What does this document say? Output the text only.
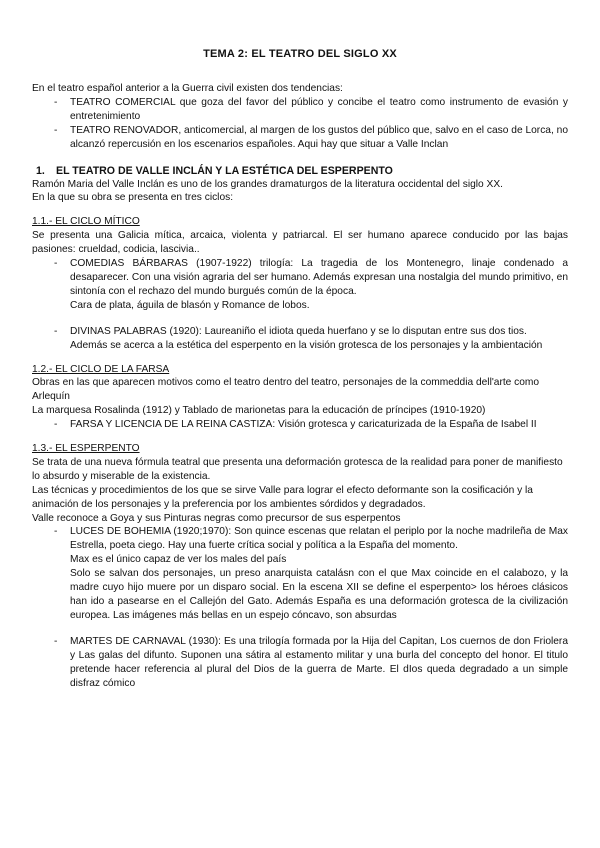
TEMA 2: EL TEATRO DEL SIGLO XX

En el teatro español anterior a la Guerra civil existen dos tendencias:

- TEATRO COMERCIAL que goza del favor del público y concibe el teatro como instrumento de evasión y entretenimiento
- TEATRO RENOVADOR, anticomercial, al margen de los gustos del público que, salvo en el caso de Lorca, no alcanzó repercusión en los escenarios españoles. Aqui hay que situar a Valle Inclan
1. EL TEATRO DE VALLE INCLÁN Y LA ESTÉTICA DEL ESPERPENTO

Ramón Maria del Valle Inclán es uno de los grandes dramaturgos de la literatura occidental del siglo XX.

En la que su obra se presenta en tres ciclos:

1.1.- EL CICLO MÍTICO

Se presenta una Galicia mítica, arcaica, violenta y patriarcal. El ser humano aparece conducido por las bajas pasiones: crueldad, codicia, lascivia..

- COMEDIAS BÁRBARAS (1907-1922) trilogía: La tragedia de los Montenegro, linaje condenado a desaparecer. Con una visión agraria del ser humano. Además expresan una nostalgia del mundo primitivo, en sintonía con el rechazo del mundo burgués común de la época.
Cara de plata, águila de blasón y Romance de lobos.
- DIVINAS PALABRAS (1920): Laureaniño el idiota queda huerfano y se lo disputan entre sus dos tios.
Además se acerca a la estética del esperpento en la visión grotesca de los personajes y la ambientación
1.2.- EL CICLO DE LA FARSA

Obras en las que aparecen motivos como el teatro dentro del teatro, personajes de la commeddia dell'arte como Arlequín

La marquesa Rosalinda (1912) y Tablado de marionetas para la educación de príncipes (1910-1920)

- FARSA Y LICENCIA DE LA REINA CASTIZA: Visión grotesca y caricaturizada de la España de Isabel II
1.3.- EL ESPERPENTO

Se trata de una nueva fórmula teatral que presenta una deformación grotesca de la realidad para poner de manifiesto lo absurdo y miserable de la existencia.

Las técnicas y procedimientos de los que se sirve Valle para lograr el efecto deformante son la cosificación y la animación de los personajes y la preferencia por los ambientes sórdidos y degradados.

Valle reconoce a Goya y sus Pinturas negras como precursor de sus esperpentos

- LUCES DE BOHEMIA (1920;1970): Son quince escenas que relatan el periplo por la noche madrileña de Max Estrella, poeta ciego. Hay una fuerte crítica social y política a la España del momento.
Max es el único capaz de ver los males del país
Solo se salvan dos personajes, un preso anarquista catalásn con el que Max coincide en el calabozo, y la madre cuyo hijo muere por un disparo social. En la escena XII se define el esperpento> los héroes clásicos han ido a pasearse en el Callejón del Gato. Además España es una deformación grotesca de la civilización europea. Las imágenes más bellas en un espejo cóncavo, son absurdas
- MARTES DE CARNAVAL (1930): Es una trilogía formada por la Hija del Capitan, Los cuernos de don Friolera y Las galas del difunto. Suponen una sátira al estamento militar y una burla del concepto del honor. El titulo pretende hacer referencia al plural del Dios de la guerra de Marte. El dIos queda degradado a un simple disfraz cómico
